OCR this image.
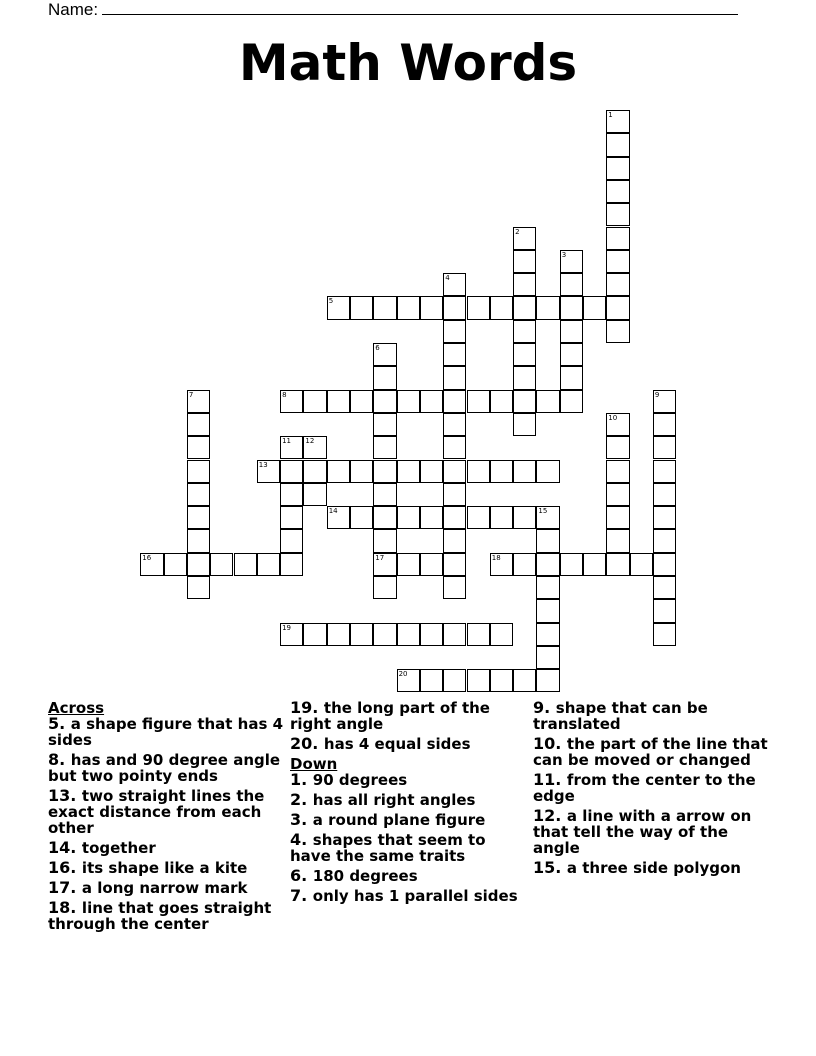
Name:
Math Words
1
2
3
4
5
6
17
7	8	9
10
11 12
13
14	15
16	18
19
20
Across
5. a shape figure that has 4 sides
8. has and 90 degree angle but two pointy ends
13. two straight lines the exact distance from each other
14. together
16. its shape like a kite
17. a long narrow mark
18. line that goes straight through the center
19. the long part of the right angle
20. has 4 equal sides
Down
1. 90 degrees
2. has all right angles
3. a round plane figure
4. shapes that seem to have the same traits
6. 180 degrees
7. only has 1 parallel sides
9. shape that can be translated
10. the part of the line that can be moved or changed
11. from the center to the edge
12. a line with a arrow on that tell the way of the angle
15. a three side polygon
